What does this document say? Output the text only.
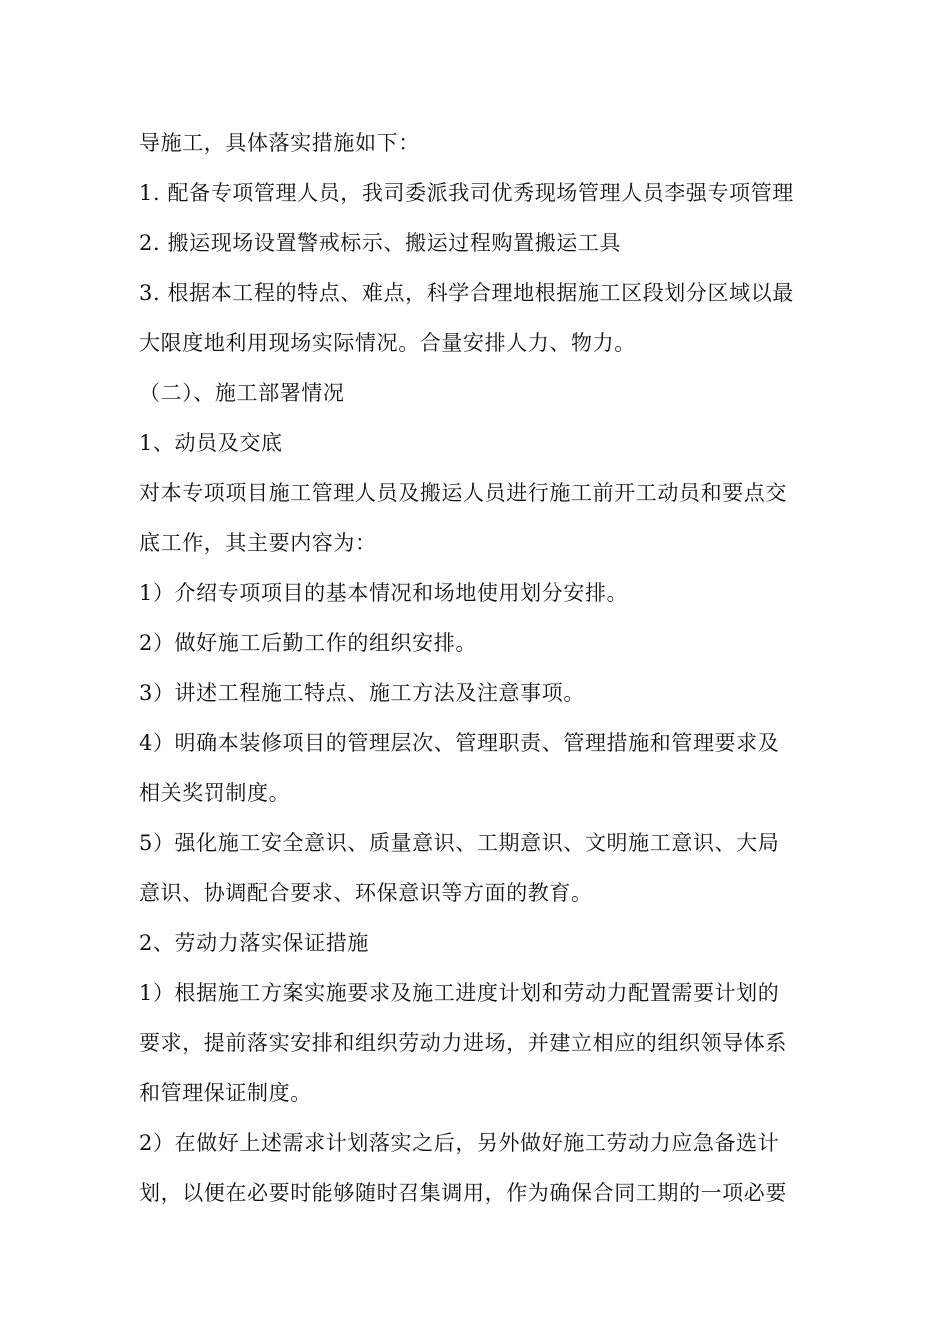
导施工，具体落实措施如下：
1. 配备专项管理人员，我司委派我司优秀现场管理人员李强专项管理
2. 搬运现场设置警戒标示、搬运过程购置搬运工具
3. 根据本工程的特点、难点，科学合理地根据施工区段划分区域以最
大限度地利用现场实际情况。合量安排人力、物力。
（二）、施工部署情况
1、动员及交底
对本专项项目施工管理人员及搬运人员进行施工前开工动员和要点交
底工作，其主要内容为：
1）介绍专项项目的基本情况和场地使用划分安排。
2）做好施工后勤工作的组织安排。
3）讲述工程施工特点、施工方法及注意事项。
4）明确本装修项目的管理层次、管理职责、管理措施和管理要求及
相关奖罚制度。
5）强化施工安全意识、质量意识、工期意识、文明施工意识、大局
意识、协调配合要求、环保意识等方面的教育。
2、劳动力落实保证措施
1）根据施工方案实施要求及施工进度计划和劳动力配置需要计划的
要求，提前落实安排和组织劳动力进场，并建立相应的组织领导体系
和管理保证制度。
2）在做好上述需求计划落实之后，另外做好施工劳动力应急备选计
划，以便在必要时能够随时召集调用，作为确保合同工期的一项必要
